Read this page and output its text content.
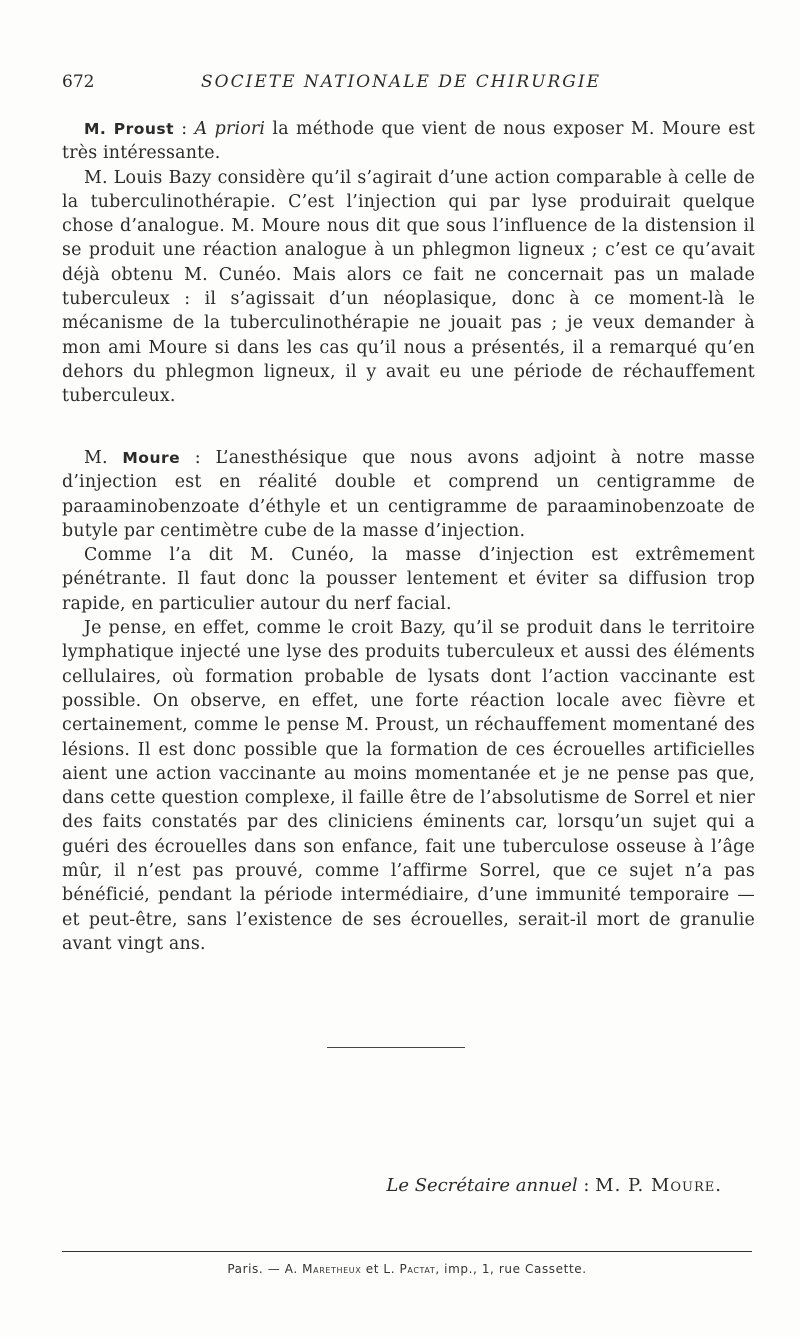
672	SOCIETE NATIONALE DE CHIRURGIE

M. Proust : A priori la méthode que vient de nous exposer M. Moure est très intéressante.

M. Louis Bazy considère qu’il s’agirait d’une action comparable à celle de la tuberculinothérapie. C’est l’injection qui par lyse produirait quelque chose d’analogue. M. Moure nous dit que sous l’influence de la distension il se produit une réaction analogue à un phlegmon ligneux ; c’est ce qu’avait déjà obtenu M. Cunéo. Mais alors ce fait ne concernait pas un malade tuberculeux : il s’agissait d’un néoplasique, donc à ce moment-là le mécanisme de la tuberculinothérapie ne jouait pas ; je veux demander à mon ami Moure si dans les cas qu’il nous a présentés, il a remarqué qu’en dehors du phlegmon ligneux, il y avait eu une période de réchauffement tuberculeux.

M. Moure : L’anesthésique que nous avons adjoint à notre masse d’injection est en réalité double et comprend un centigramme de paraaminobenzoate d’éthyle et un centigramme de paraaminobenzoate de butyle par centimètre cube de la masse d’injection.

Comme l’a dit M. Cunéo, la masse d’injection est extrêmement pénétrante. Il faut donc la pousser lentement et éviter sa diffusion trop rapide, en particulier autour du nerf facial.

Je pense, en effet, comme le croit Bazy, qu’il se produit dans le territoire lymphatique injecté une lyse des produits tuberculeux et aussi des éléments cellulaires, où formation probable de lysats dont l’action vaccinante est possible. On observe, en effet, une forte réaction locale avec fièvre et certainement, comme le pense M. Proust, un réchauffement momentané des lésions. Il est donc possible que la formation de ces écrouelles artificielles aient une action vaccinante au moins momentanée et je ne pense pas que, dans cette question complexe, il faille être de l’absolutisme de Sorrel et nier des faits constatés par des cliniciens éminents car, lorsqu’un sujet qui a guéri des écrouelles dans son enfance, fait une tuberculose osseuse à l’âge mûr, il n’est pas prouvé, comme l’affirme Sorrel, que ce sujet n’a pas bénéficié, pendant la période intermédiaire, d’une immunité temporaire — et peut-être, sans l’existence de ses écrouelles, serait-il mort de granulie avant vingt ans.

Le Secrétaire annuel : M. P. Moure.
Paris. — A. Maretheux et L. Pactat, imp., 1, rue Cassette.
